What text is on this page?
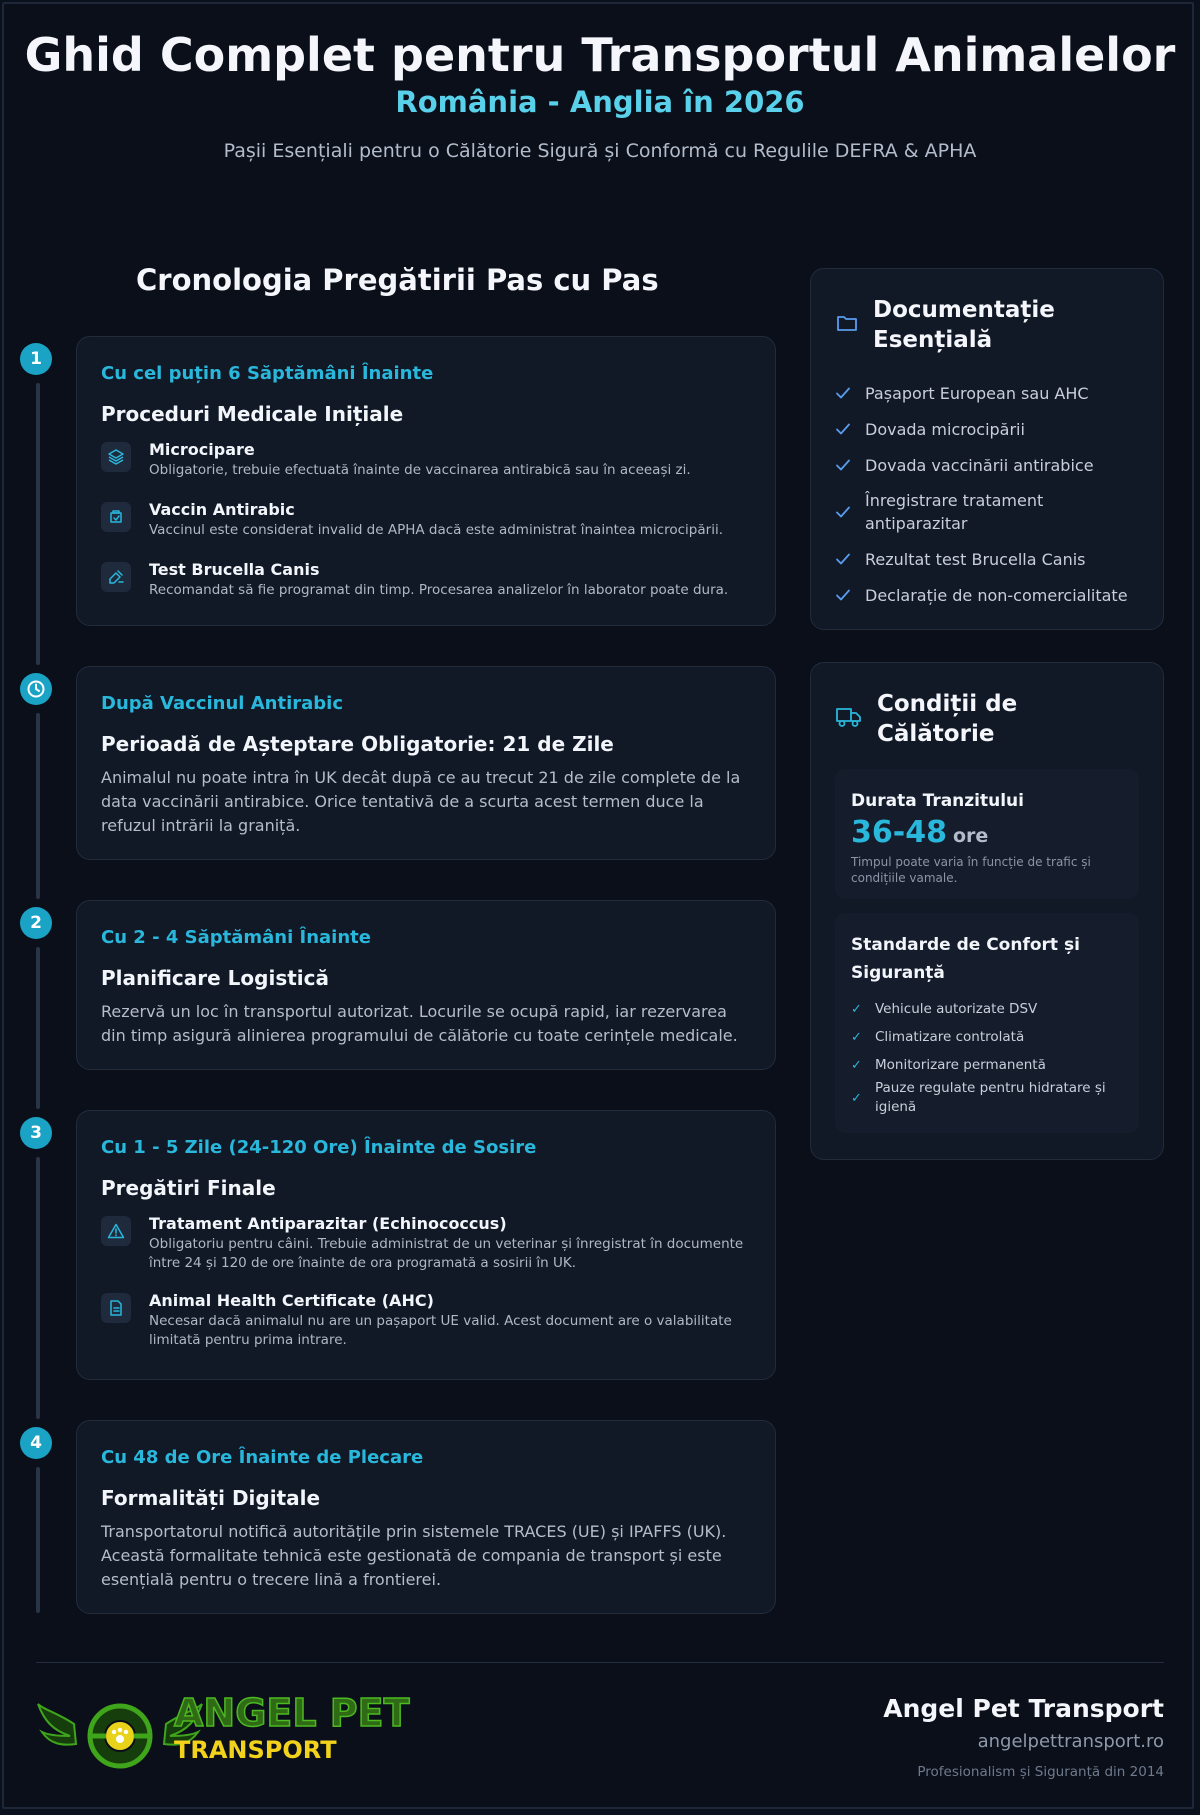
Ghid Complet pentru Transportul Animalelor
România - Anglia în 2026
Pașii Esențiali pentru o Călătorie Sigură și Conformă cu Regulile DEFRA & APHA
Cronologia Pregătirii Pas cu Pas
1
2
3
4
Cu cel puțin 6 Săptămâni Înainte
Proceduri Medicale Inițiale
Microcipare
Obligatorie, trebuie efectuată înainte de vaccinarea antirabică sau în aceeași zi.
Vaccin Antirabic
Vaccinul este considerat invalid de APHA dacă este administrat înaintea microcipării.
Test Brucella Canis
Recomandat să fie programat din timp. Procesarea analizelor în laborator poate dura.
După Vaccinul Antirabic
Perioadă de Așteptare Obligatorie: 21 de Zile
Animalul nu poate intra în UK decât după ce au trecut 21 de zile complete de la data vaccinării antirabice. Orice tentativă de a scurta acest termen duce la refuzul intrării la graniță.
Cu 2 - 4 Săptămâni Înainte
Planificare Logistică
Rezervă un loc în transportul autorizat. Locurile se ocupă rapid, iar rezervarea din timp asigură alinierea programului de călătorie cu toate cerințele medicale.
Cu 1 - 5 Zile (24-120 Ore) Înainte de Sosire
Pregătiri Finale
Tratament Antiparazitar (Echinococcus)
Obligatoriu pentru câini. Trebuie administrat de un veterinar și înregistrat în documente între 24 și 120 de ore înainte de ora programată a sosirii în UK.
Animal Health Certificate (AHC)
Necesar dacă animalul nu are un pașaport UE valid. Acest document are o valabilitate limitată pentru prima intrare.
Cu 48 de Ore Înainte de Plecare
Formalități Digitale
Transportatorul notifică autoritățile prin sistemele TRACES (UE) și IPAFFS (UK). Această formalitate tehnică este gestionată de compania de transport și este esențială pentru o trecere lină a frontierei.
Documentație Esențială
Pașaport European sau AHC
Dovada microcipării
Dovada vaccinării antirabice
Înregistrare tratament antiparazitar
Rezultat test Brucella Canis
Declarație de non-comercialitate
Condiții de Călătorie
Durata Tranzitului
36-48 ore
Timpul poate varia în funcție de trafic și condițiile vamale.
Standarde de Confort și Siguranță
✓ Vehicule autorizate DSV
✓ Climatizare controlată
✓ Monitorizare permanentă
✓
Pauze regulate pentru hidratare și igienă
ANGEL PET
TRANSPORT
Angel Pet Transport
angelpettransport.ro
Profesionalism și Siguranță din 2014
